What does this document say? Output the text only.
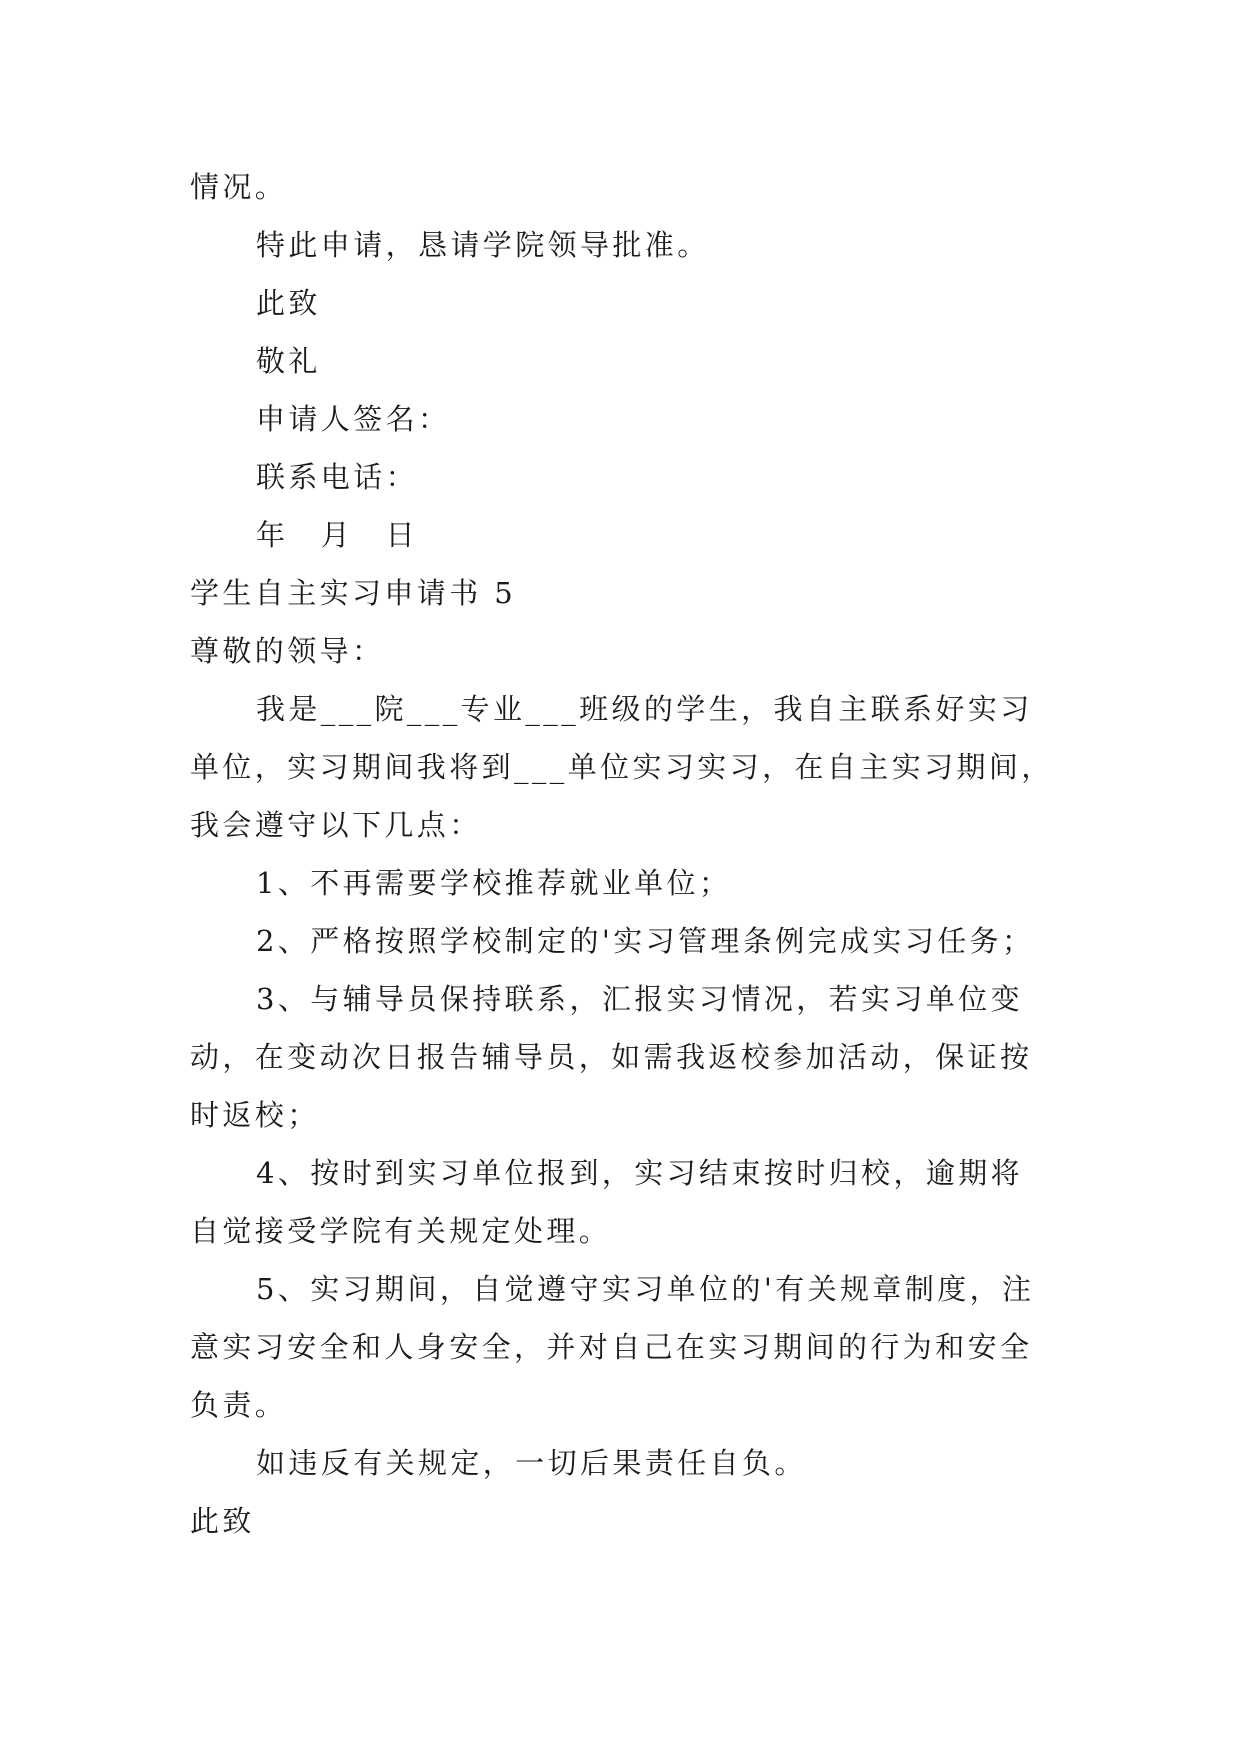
情况。
特此申请，恳请学院领导批准。
此致
敬礼
申请人签名：
联系电话：
年　月　日
学生自主实习申请书 5
尊敬的领导：
我是___院___专业___班级的学生，我自主联系好实习
单位，实习期间我将到___单位实习实习，在自主实习期间，
我会遵守以下几点：
1、不再需要学校推荐就业单位；
2、严格按照学校制定的'实习管理条例完成实习任务；
3、与辅导员保持联系，汇报实习情况，若实习单位变
动，在变动次日报告辅导员，如需我返校参加活动，保证按
时返校；
4、按时到实习单位报到，实习结束按时归校，逾期将
自觉接受学院有关规定处理。
5、实习期间，自觉遵守实习单位的'有关规章制度，注
意实习安全和人身安全，并对自己在实习期间的行为和安全
负责。
如违反有关规定，一切后果责任自负。
此致
